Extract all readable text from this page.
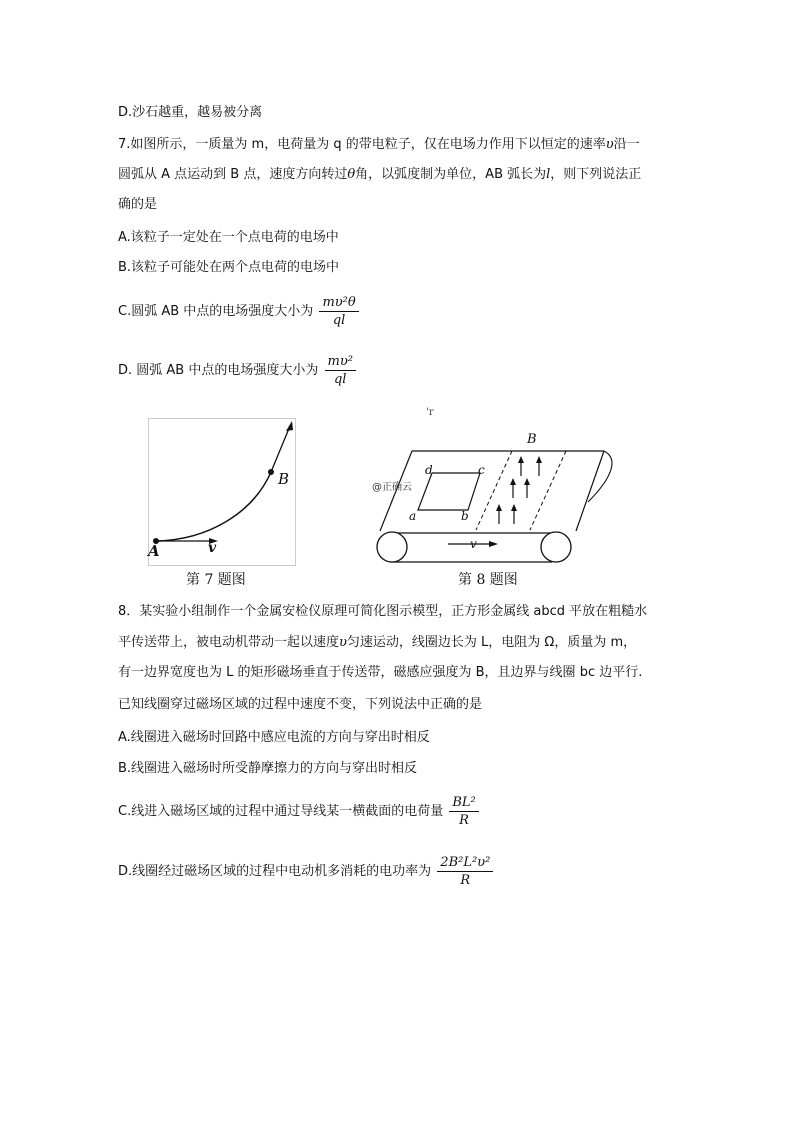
D.沙石越重，越易被分离
7.如图所示，一质量为 m，电荷量为 q 的带电粒子，仅在电场力作用下以恒定的速率υ沿一
圆弧从 A 点运动到 B 点，速度方向转过θ角，以弧度制为单位，AB 弧长为l，则下列说法正
确的是
A.该粒子一定处在一个点电荷的电场中
B.该粒子可能处在两个点电荷的电场中
C.圆弧 AB 中点的电场强度大小为 $\frac{\text{mυ²θ}}{ql}$
D. 圆弧 AB 中点的电场强度大小为 $\frac{\text{mυ²}}{ql}$
A
B
v
第 7 题图
'r
d	c
a	b
B
v
@正确云
第 8 题图
8．某实验小组制作一个金属安检仪原理可简化图示模型，正方形金属线 abcd 平放在粗糙水
平传送带上，被电动机带动一起以速度υ匀速运动，线圈边长为 L，电阻为 Ω，质量为 m，
有一边界宽度也为 L 的矩形磁场垂直于传送带，磁感应强度为 B，且边界与线圈 bc 边平行.
已知线圈穿过磁场区域的过程中速度不变，下列说法中正确的是
A.线圈进入磁场时回路中感应电流的方向与穿出时相反
B.线圈进入磁场时所受静摩擦力的方向与穿出时相反
C.线进入磁场区域的过程中通过导线某一横截面的电荷量 $\frac{\text{BL²}}{R}$
D.线圈经过磁场区域的过程中电动机多消耗的电功率为 $\frac{\text{2B²L²υ²}}{R}$
